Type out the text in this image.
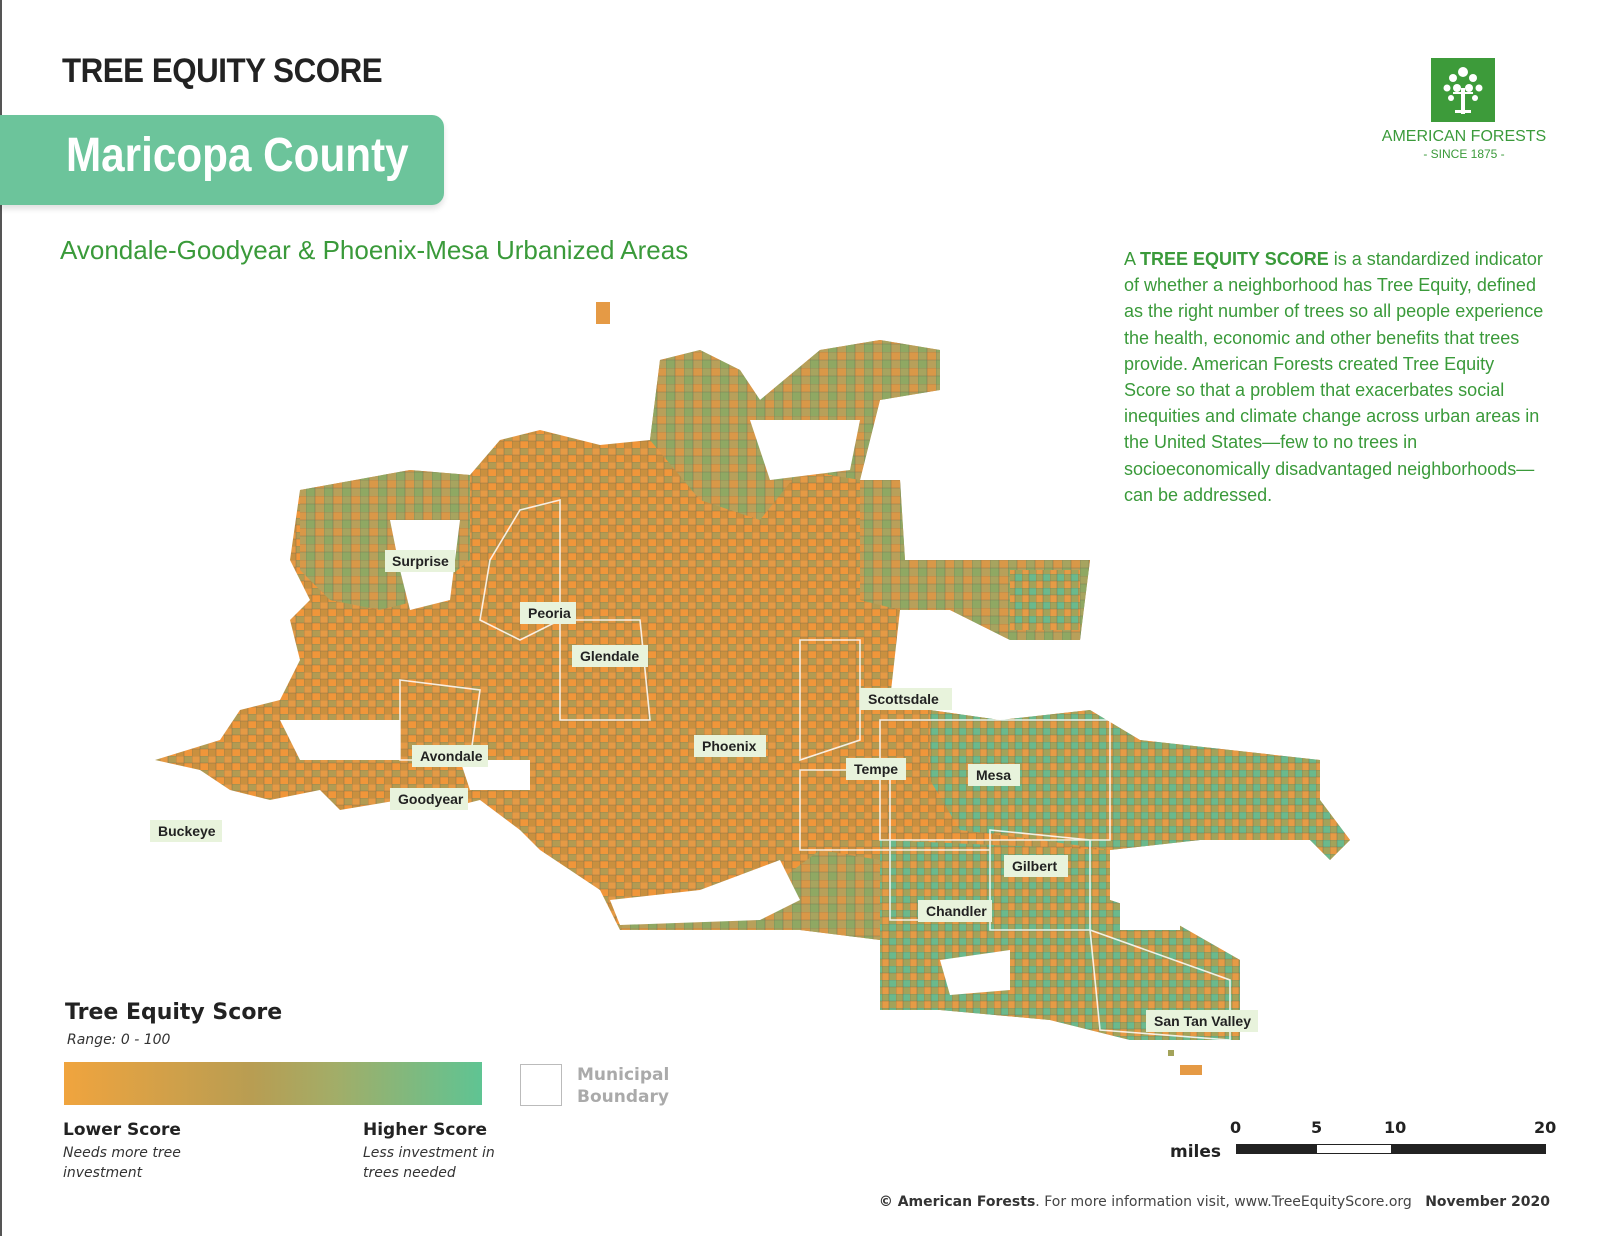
TREE EQUITY SCORE
Maricopa County
Avondale-Goodyear & Phoenix-Mesa Urbanized Areas
AMERICAN FORESTS
- SINCE 1875 -
A TREE EQUITY SCORE is a standardized indicator of whether a neighborhood has Tree Equity, defined as the right number of trees so all people experience the health, economic and other benefits that trees provide. American Forests created Tree Equity Score so that a problem that exacerbates social inequities and climate change across urban areas in the United States—few to no trees in socioeconomically disadvantaged neighborhoods—can be addressed.
Surprise
Peoria
Glendale
Scottsdale
Phoenix
Avondale
Goodyear
Tempe	Mesa
Buckeye
Gilbert
Chandler
San Tan Valley
Tree Equity Score
Range: 0 - 100
Municipal Boundary
Lower Score
Needs more tree investment
Higher Score
Less investment in trees needed
0	5	10	20
miles
© American Forests. For more information visit, www.TreeEquityScore.org November 2020
